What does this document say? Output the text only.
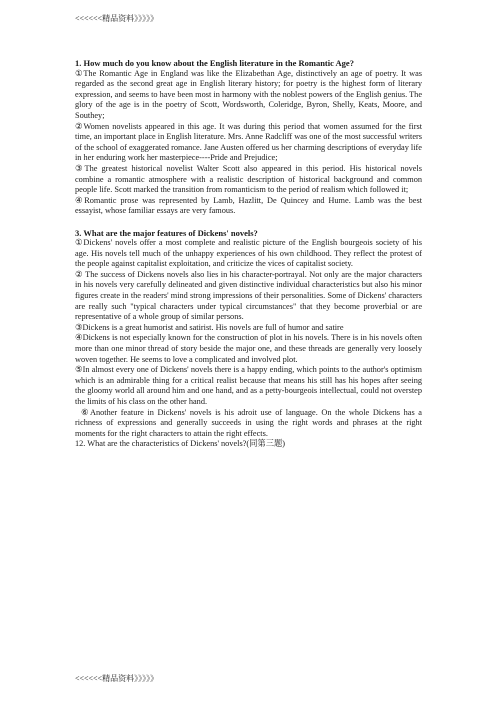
<<<<<<精品资料》》》》》
1. How much do you know about the English literature in the Romantic Age?

①The Romantic Age in England was like the Elizabethan Age, distinctively an age of poetry. It was regarded as the second great age in English literary history; for poetry is the highest form of literary expression, and seems to have been most in harmony with the noblest powers of the English genius. The glory of the age is in the poetry of Scott, Wordsworth, Coleridge, Byron, Shelly, Keats, Moore, and Southey;

②Women novelists appeared in this age. It was during this period that women assumed for the first time, an important place in English literature. Mrs. Anne Radcliff was one of the most successful writers of the school of exaggerated romance. Jane Austen offered us her charming descriptions of everyday life in her enduring work her masterpiece----Pride and Prejudice;

③The greatest historical novelist Walter Scott also appeared in this period. His historical novels combine a romantic atmosphere with a realistic description of historical background and common people life. Scott marked the transition from romanticism to the period of realism which followed it;

④Romantic prose was represented by Lamb, Hazlitt, De Quincey and Hume. Lamb was the best essayist, whose familiar essays are very famous.

3. What are the major features of Dickens' novels?

①Dickens' novels offer a most complete and realistic picture of the English bourgeois society of his age. His novels tell much of the unhappy experiences of his own childhood. They reflect the protest of the people against capitalist exploitation, and criticize the vices of capitalist society.

② The success of Dickens novels also lies in his character-portrayal. Not only are the major characters in his novels very carefully delineated and given distinctive individual characteristics but also his minor figures create in the readers' mind strong impressions of their personalities. Some of Dickens' characters are really such "typical characters under typical circumstances" that they become proverbial or are representative of a whole group of similar persons.

③Dickens is a great humorist and satirist. His novels are full of humor and satire

④Dickens is not especially known for the construction of plot in his novels. There is in his novels often more than one minor thread of story beside the major one, and these threads are generally very loosely woven together. He seems to love a complicated and involved plot.

⑤In almost every one of Dickens' novels there is a happy ending, which points to the author's optimism which is an admirable thing for a critical realist because that means his still has his hopes after seeing the gloomy world all around him and one hand, and as a petty-bourgeois intellectual, could not overstep the limits of his class on the other hand.

⑥Another feature in Dickens' novels is his adroit use of language. On the whole Dickens has a richness of expressions and generally succeeds in using the right words and phrases at the right moments for the right characters to attain the right effects.

12. What are the characteristics of Dickens' novels?(同第三题)

<<<<<<精品资料》》》》》
